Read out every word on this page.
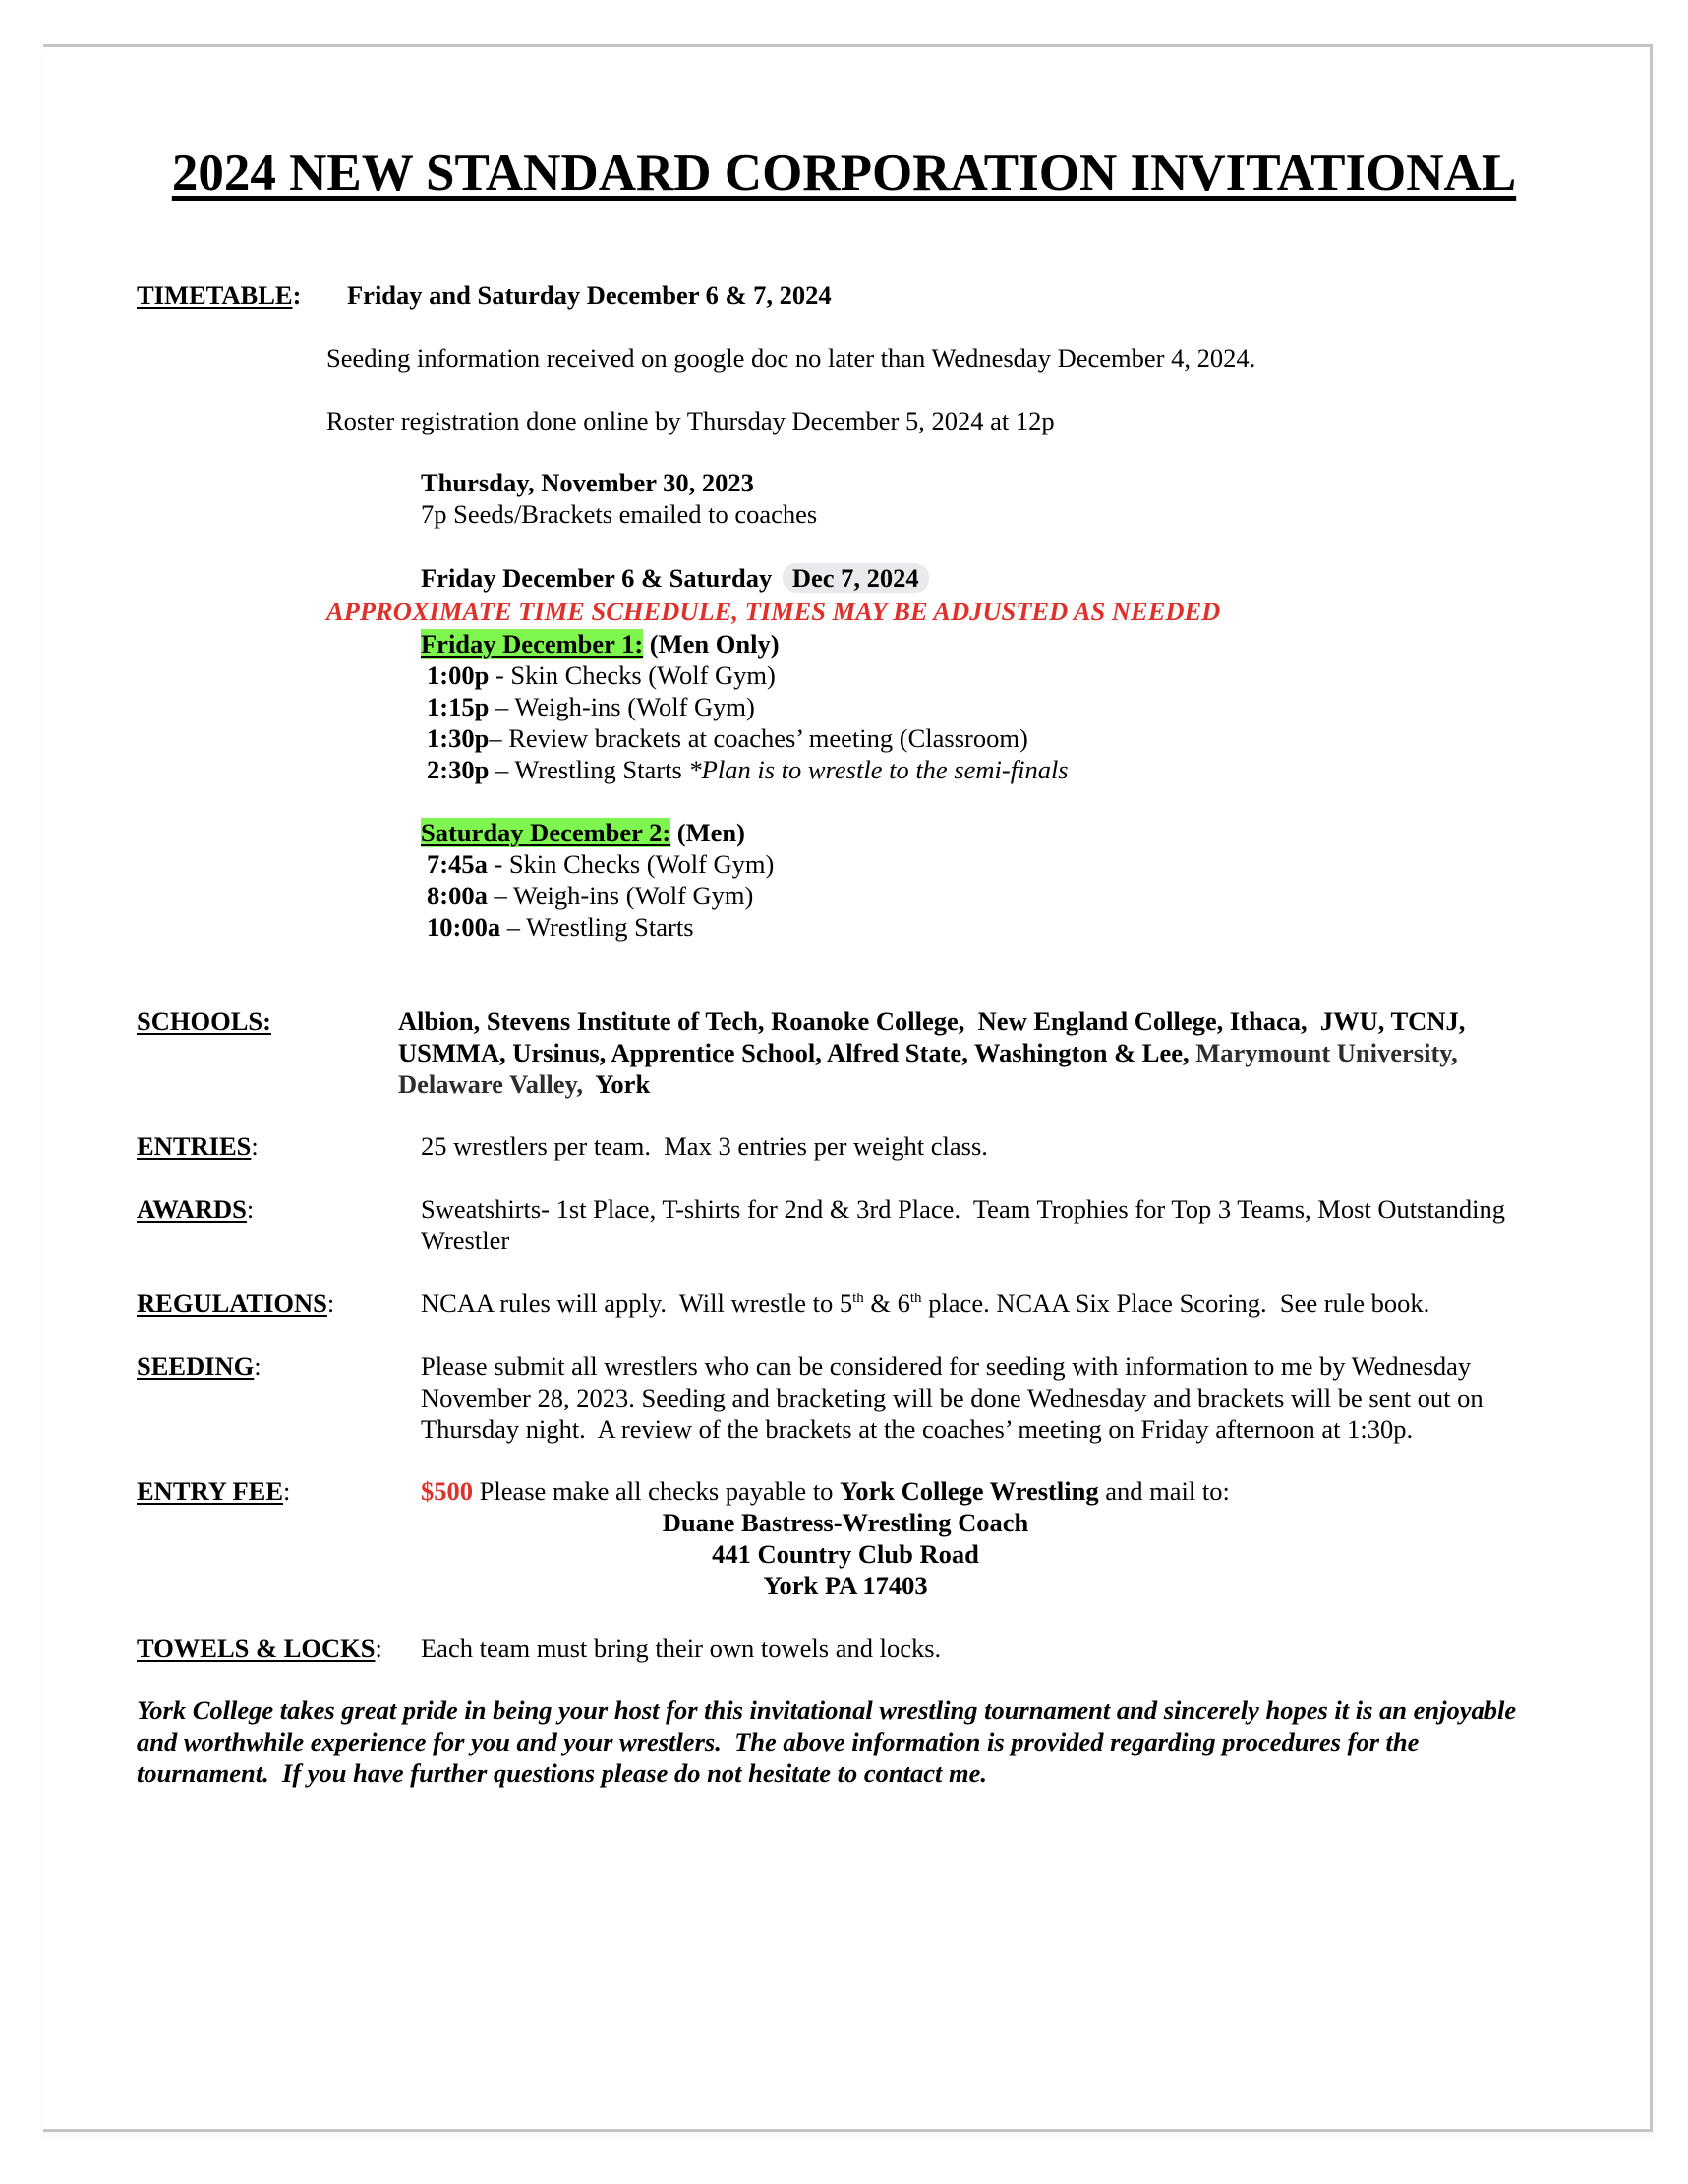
2024 NEW STANDARD CORPORATION INVITATIONAL
TIMETABLE: Friday and Saturday December 6 & 7, 2024
Seeding information received on google doc no later than Wednesday December 4, 2024.
Roster registration done online by Thursday December 5, 2024 at 12p
Thursday, November 30, 2023
7p Seeds/Brackets emailed to coaches
Friday December 6 & Saturday Dec 7, 2024
APPROXIMATE TIME SCHEDULE, TIMES MAY BE ADJUSTED AS NEEDED
Friday December 1: (Men Only)
1:00p - Skin Checks (Wolf Gym)
1:15p – Weigh-ins (Wolf Gym)
1:30p– Review brackets at coaches’ meeting (Classroom)
2:30p – Wrestling Starts *Plan is to wrestle to the semi-finals
Saturday December 2: (Men)
7:45a - Skin Checks (Wolf Gym)
8:00a – Weigh-ins (Wolf Gym)
10:00a – Wrestling Starts
SCHOOLS:	Albion, Stevens Institute of Tech, Roanoke College,  New England College, Ithaca,  JWU, TCNJ,
USMMA, Ursinus, Apprentice School, Alfred State, Washington & Lee, Marymount University,
Delaware Valley, York
ENTRIES:	25 wrestlers per team.  Max 3 entries per weight class.
AWARDS:	Sweatshirts- 1st Place, T-shirts for 2nd & 3rd Place.  Team Trophies for Top 3 Teams, Most Outstanding
Wrestler
REGULATIONS:	NCAA rules will apply.  Will wrestle to 5th & 6th place. NCAA Six Place Scoring.  See rule book.
SEEDING:	Please submit all wrestlers who can be considered for seeding with information to me by Wednesday
November 28, 2023. Seeding and bracketing will be done Wednesday and brackets will be sent out on
Thursday night.  A review of the brackets at the coaches’ meeting on Friday afternoon at 1:30p.
ENTRY FEE:	$500 Please make all checks payable to York College Wrestling and mail to:
Duane Bastress-Wrestling Coach
441 Country Club Road
York PA 17403
TOWELS & LOCKS: Each team must bring their own towels and locks.
York College takes great pride in being your host for this invitational wrestling tournament and sincerely hopes it is an enjoyable
and worthwhile experience for you and your wrestlers.  The above information is provided regarding procedures for the
tournament.  If you have further questions please do not hesitate to contact me.
